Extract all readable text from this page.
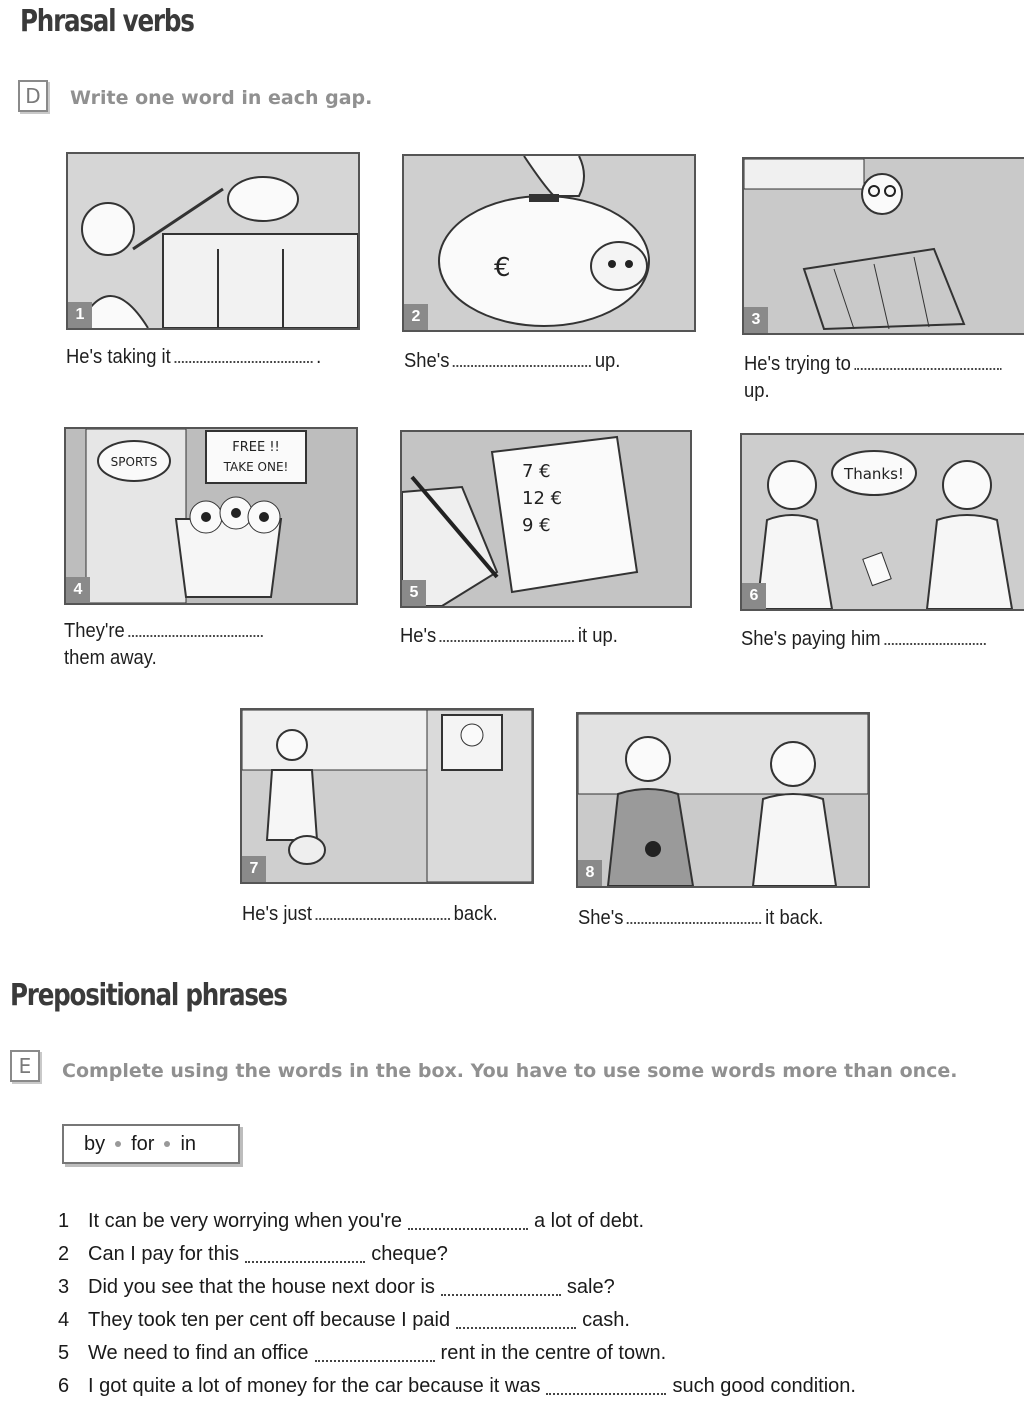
Phrasal verbs
D	Write one word in each gap.
1
€
2	3
He's taking it	.	She's	up.	He's trying to
up.
SPORTS
FREE !!
TAKE ONE!
4
7 €
12 €
9 €
5
Thanks!
6
They're
them away.
He's	it up.	She's paying him
7	8
He's just	back.	She's	it back.
Prepositional phrases
E	Complete using the words in the box. You have to use some words more than once.
by for in
1 It can be very worrying when you're	a lot of debt.
2 Can I pay for this	cheque?
3 Did you see that the house next door is	sale?
4 They took ten per cent off because I paid	cash.
5 We need to find an office	rent in the centre of town.
6 I got quite a lot of money for the car because it was	such good condition.
